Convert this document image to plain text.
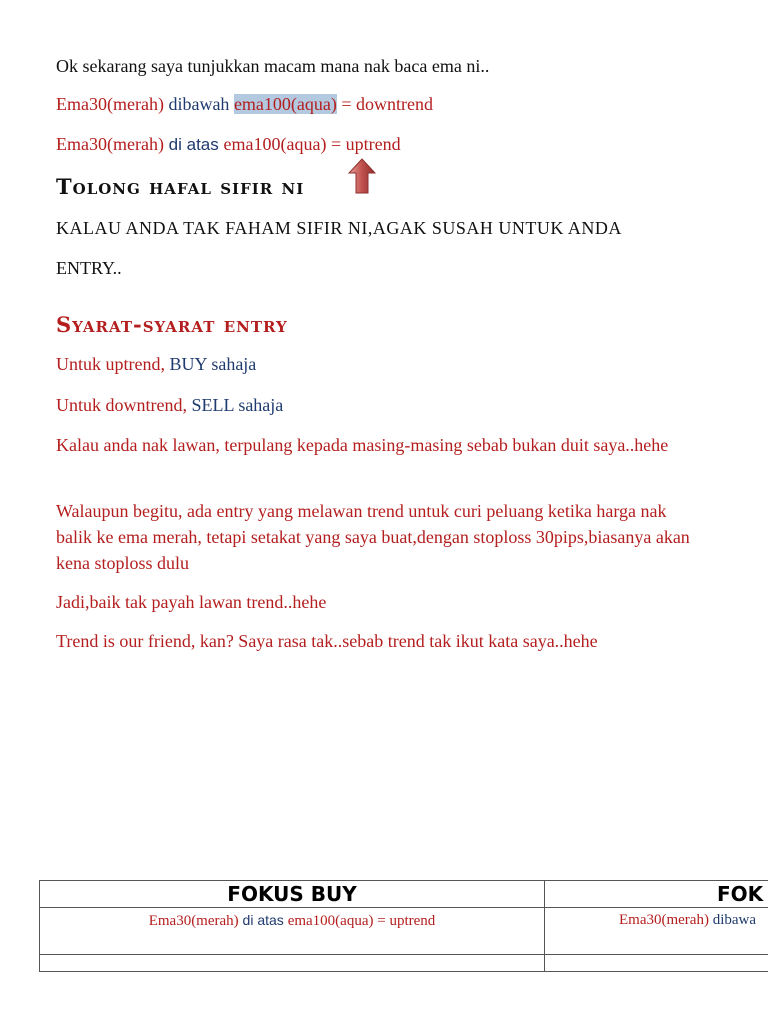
Ok sekarang saya tunjukkan macam mana nak baca ema ni..
Ema30(merah) dibawah ema100(aqua) = downtrend
Ema30(merah) di atas ema100(aqua) = uptrend
Tolong hafal sifir ni
KALAU ANDA TAK FAHAM SIFIR NI,AGAK SUSAH UNTUK ANDA
ENTRY..
Syarat-syarat entry
Untuk uptrend, BUY sahaja
Untuk downtrend, SELL sahaja
Kalau anda nak lawan, terpulang kepada masing-masing sebab bukan duit saya..hehe
Walaupun begitu, ada entry yang melawan trend untuk curi peluang ketika harga nak balik ke ema merah, tetapi setakat yang saya buat,dengan stoploss 30pips,biasanya akan kena stoploss dulu
Jadi,baik tak payah lawan trend..hehe
Trend is our friend, kan? Saya rasa tak..sebab trend tak ikut kata saya..hehe
FOKUS BUY	FOK
Ema30(merah) di atas ema100(aqua) = uptrend	Ema30(merah) dibawa
